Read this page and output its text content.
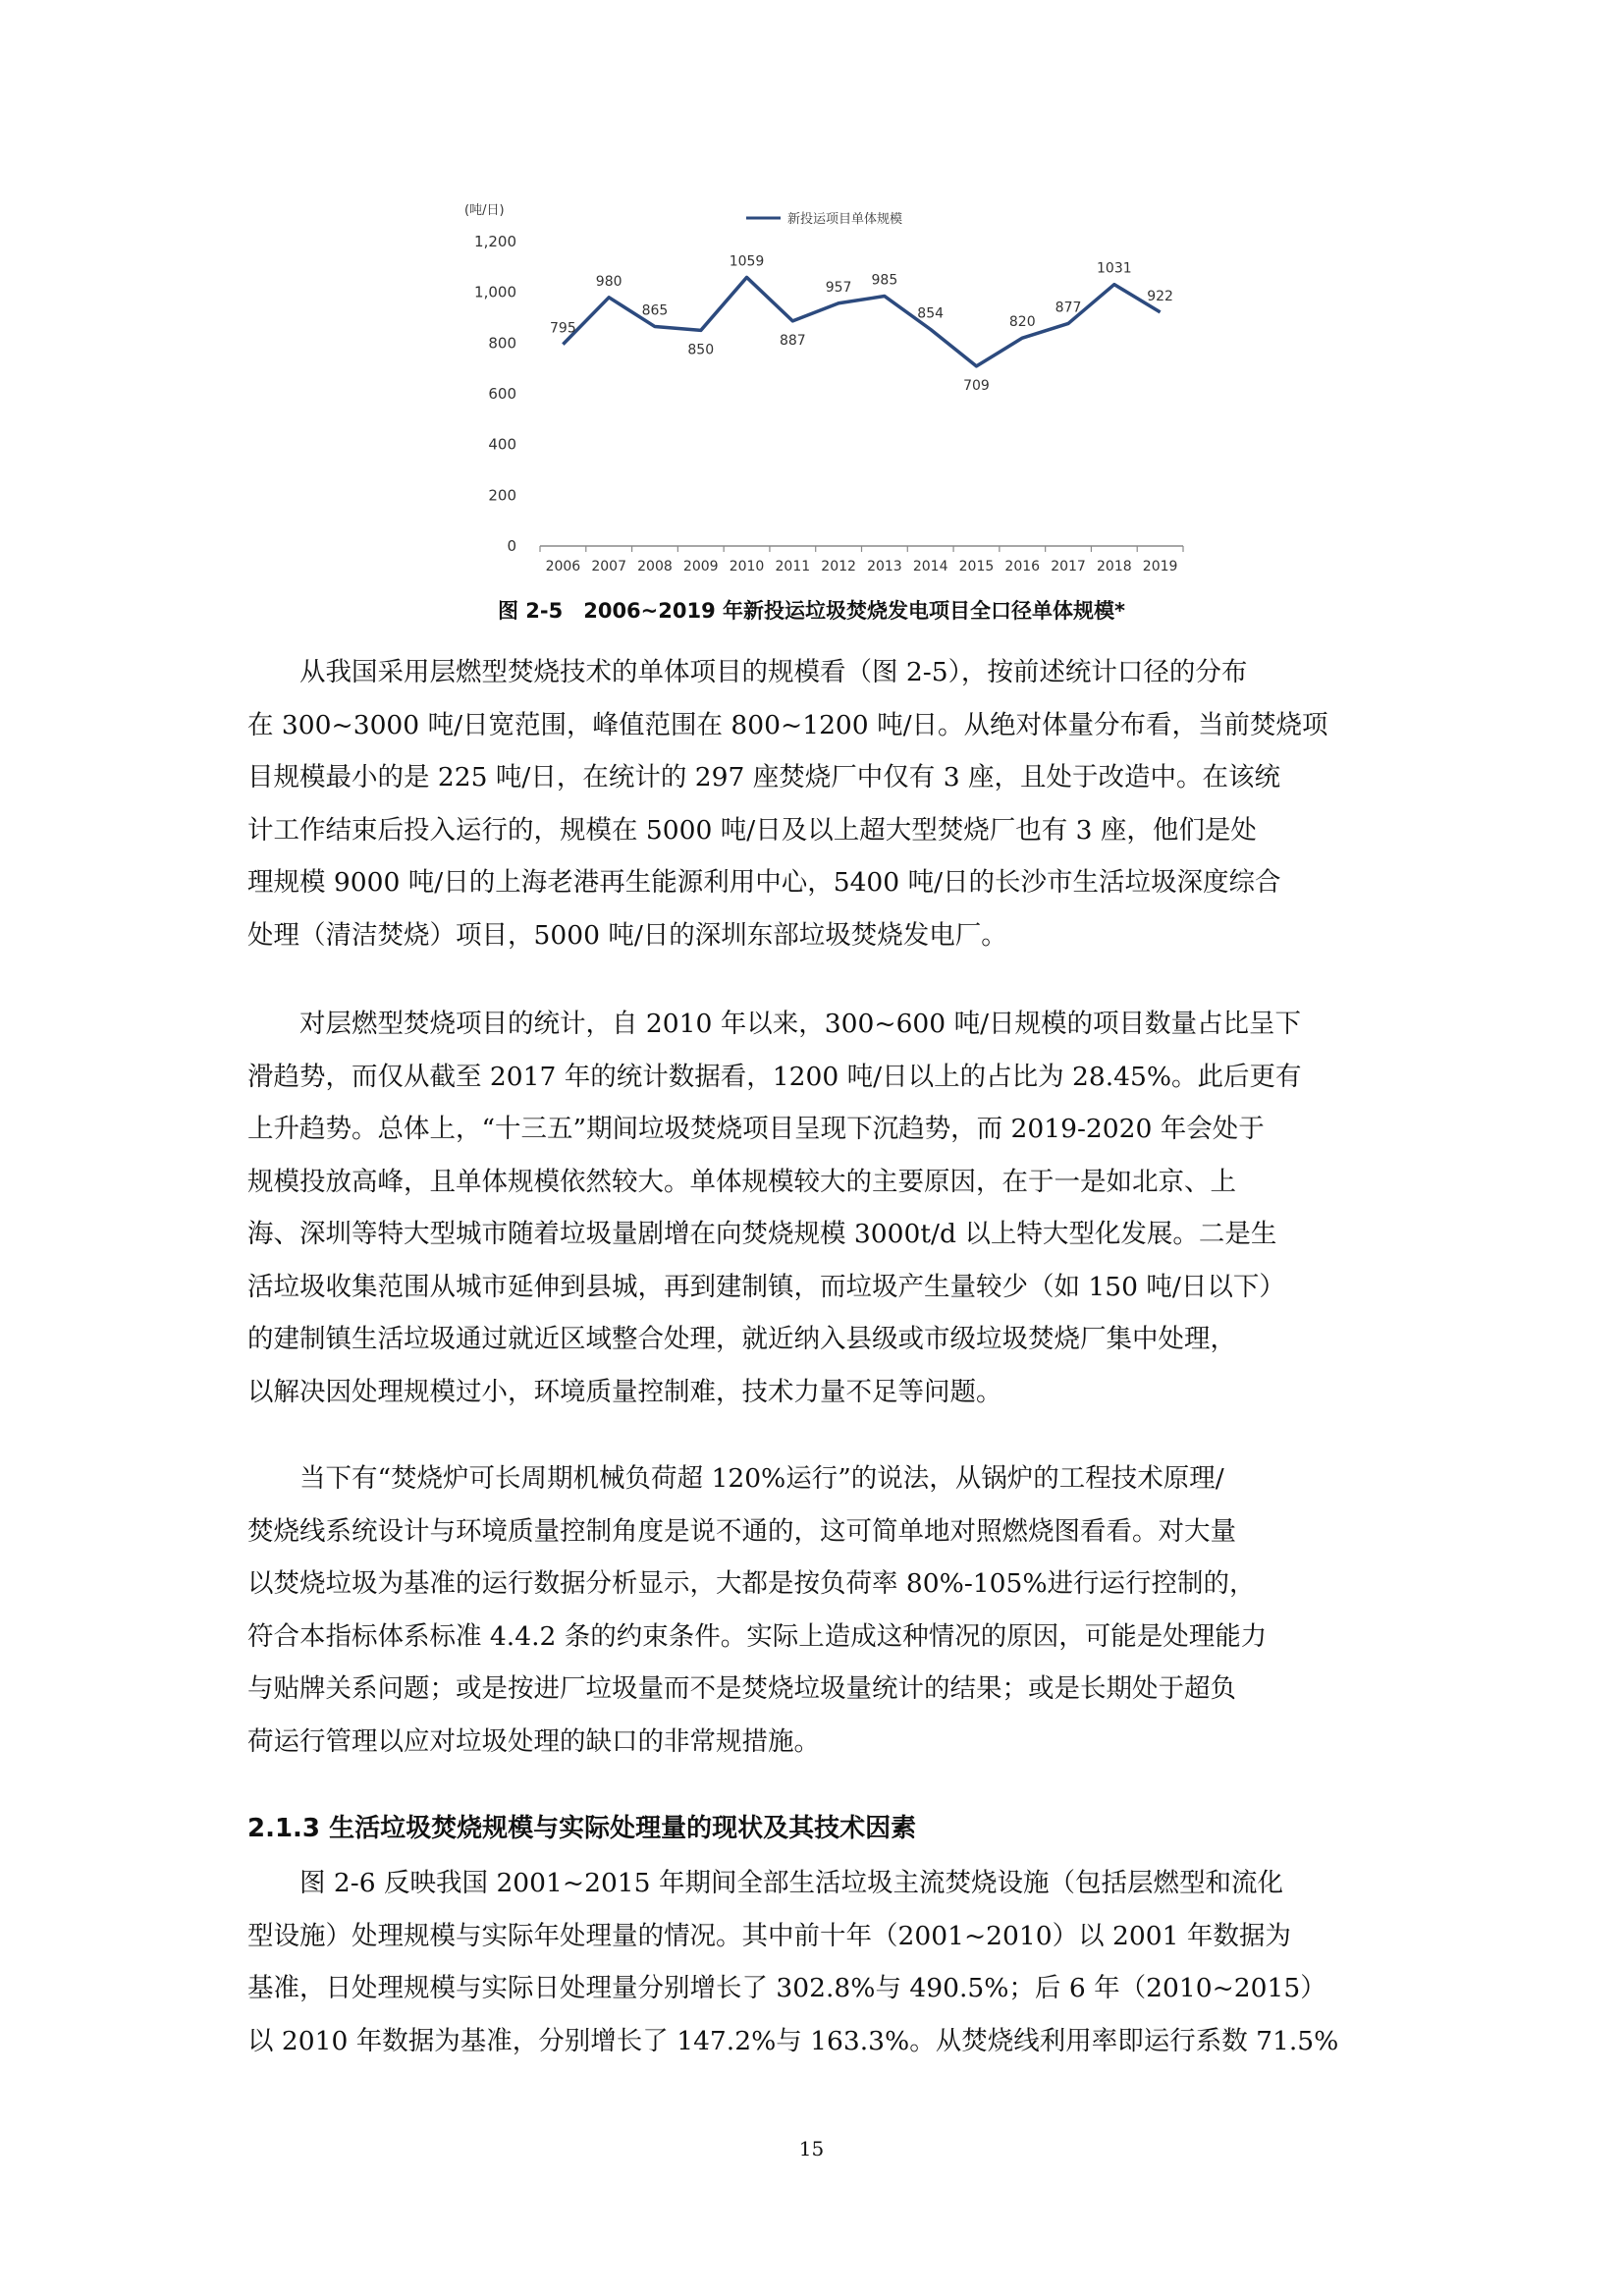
(吨/日)
新投运项目单体规模
0
200
400
600
800
1,000
1,200
2006 2007 2008 2009 2010 2011 2012 2013 2014 2015 2016 2017 2018 2019
795
980
865
850
1059
887
957 985
854
709
820
877
1031
922
图 2-5　2006~2019 年新投运垃圾焚烧发电项目全口径单体规模*
　　从我国采用层燃型焚烧技术的单体项目的规模看（图 2-5），按前述统计口径的分布
在 300~3000 吨/日宽范围，峰值范围在 800~1200 吨/日。从绝对体量分布看，当前焚烧项
目规模最小的是 225 吨/日，在统计的 297 座焚烧厂中仅有 3 座，且处于改造中。在该统
计工作结束后投入运行的，规模在 5000 吨/日及以上超大型焚烧厂也有 3 座，他们是处
理规模 9000 吨/日的上海老港再生能源利用中心，5400 吨/日的长沙市生活垃圾深度综合
处理（清洁焚烧）项目，5000 吨/日的深圳东部垃圾焚烧发电厂。
　　对层燃型焚烧项目的统计，自 2010 年以来，300~600 吨/日规模的项目数量占比呈下
滑趋势，而仅从截至 2017 年的统计数据看，1200 吨/日以上的占比为 28.45%。此后更有
上升趋势。总体上，“十三五”期间垃圾焚烧项目呈现下沉趋势，而 2019-2020 年会处于
规模投放高峰，且单体规模依然较大。单体规模较大的主要原因，在于一是如北京、上
海、深圳等特大型城市随着垃圾量剧增在向焚烧规模 3000t/d 以上特大型化发展。二是生
活垃圾收集范围从城市延伸到县城，再到建制镇，而垃圾产生量较少（如 150 吨/日以下）
的建制镇生活垃圾通过就近区域整合处理，就近纳入县级或市级垃圾焚烧厂集中处理，
以解决因处理规模过小，环境质量控制难，技术力量不足等问题。
　　当下有“焚烧炉可长周期机械负荷超 120%运行”的说法，从锅炉的工程技术原理/
焚烧线系统设计与环境质量控制角度是说不通的，这可简单地对照燃烧图看看。对大量
以焚烧垃圾为基准的运行数据分析显示，大都是按负荷率 80%-105%进行运行控制的，
符合本指标体系标准 4.4.2 条的约束条件。实际上造成这种情况的原因，可能是处理能力
与贴牌关系问题；或是按进厂垃圾量而不是焚烧垃圾量统计的结果；或是长期处于超负
荷运行管理以应对垃圾处理的缺口的非常规措施。
2.1.3 生活垃圾焚烧规模与实际处理量的现状及其技术因素
　　图 2-6 反映我国 2001~2015 年期间全部生活垃圾主流焚烧设施（包括层燃型和流化
型设施）处理规模与实际年处理量的情况。其中前十年（2001~2010）以 2001 年数据为
基准，日处理规模与实际日处理量分别增长了 302.8%与 490.5%；后 6 年（2010~2015）
以 2010 年数据为基准，分别增长了 147.2%与 163.3%。从焚烧线利用率即运行系数 71.5%
15
